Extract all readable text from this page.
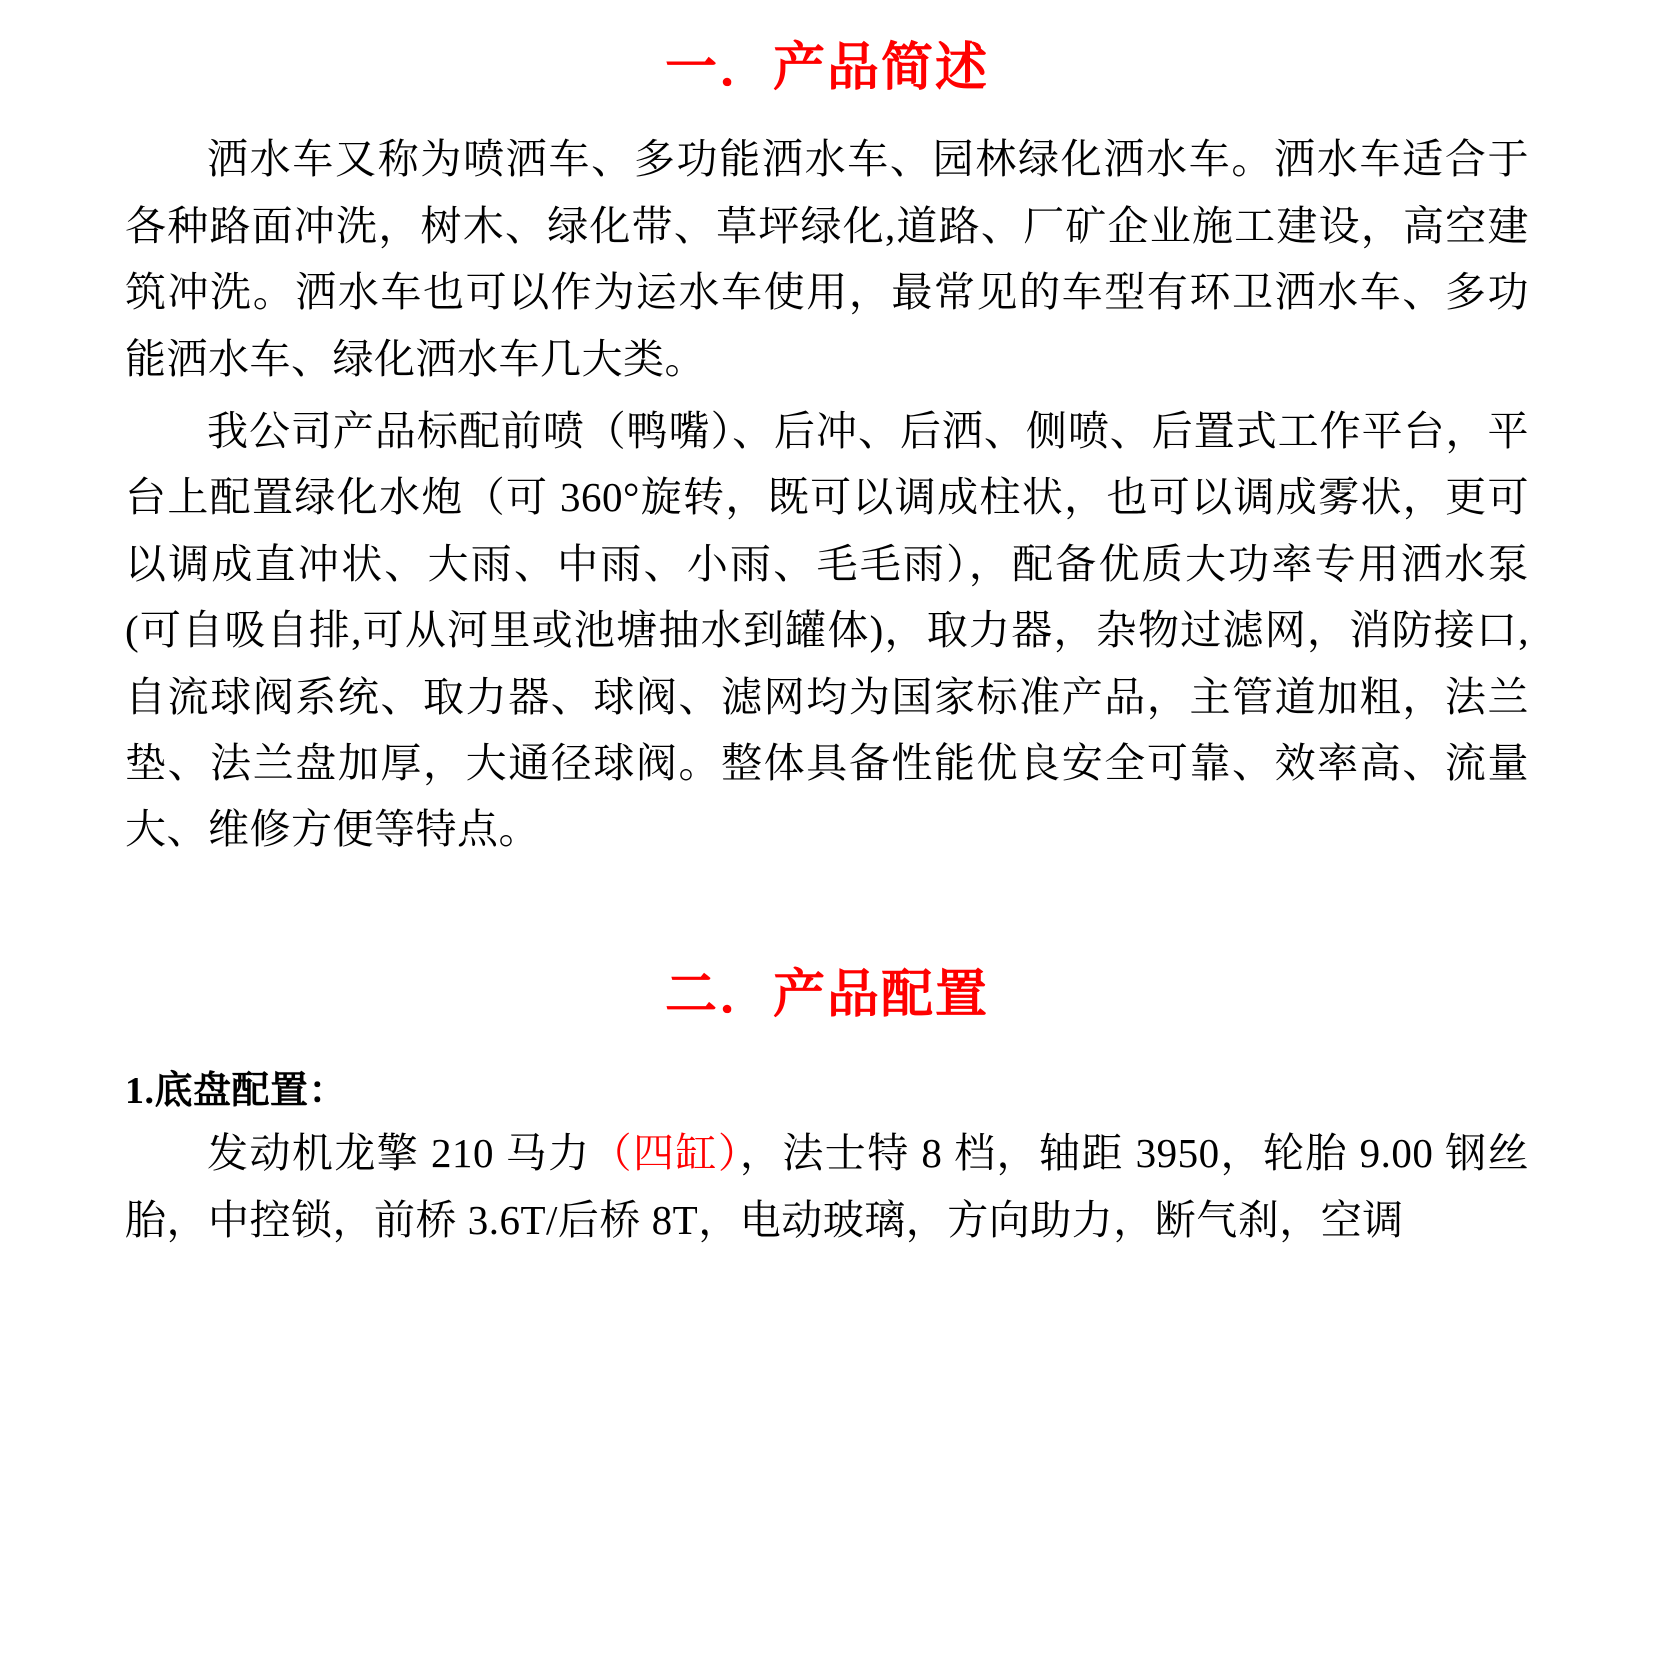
一．产品简述

洒水车又称为喷洒车、多功能洒水车、园林绿化洒水车。洒水车适合于各种路面冲洗，树木、绿化带、草坪绿化,道路、厂矿企业施工建设，高空建筑冲洗。洒水车也可以作为运水车使用，最常见的车型有环卫洒水车、多功能洒水车、绿化洒水车几大类。

我公司产品标配前喷（鸭嘴）、后冲、后洒、侧喷、后置式工作平台，平台上配置绿化水炮（可 360°旋转，既可以调成柱状，也可以调成雾状，更可以调成直冲状、大雨、中雨、小雨、毛毛雨），配备优质大功率专用洒水泵(可自吸自排,可从河里或池塘抽水到罐体)，取力器，杂物过滤网，消防接口,自流球阀系统、取力器、球阀、滤网均为国家标准产品，主管道加粗，法兰垫、法兰盘加厚，大通径球阀。整体具备性能优良安全可靠、效率高、流量大、维修方便等特点。

二．产品配置
1.底盘配置：

发动机龙擎 210 马力（四缸），法士特 8 档，轴距 3950，轮胎 9.00 钢丝胎，中控锁，前桥 3.6T/后桥 8T，电动玻璃，方向助力，断气刹，空调
